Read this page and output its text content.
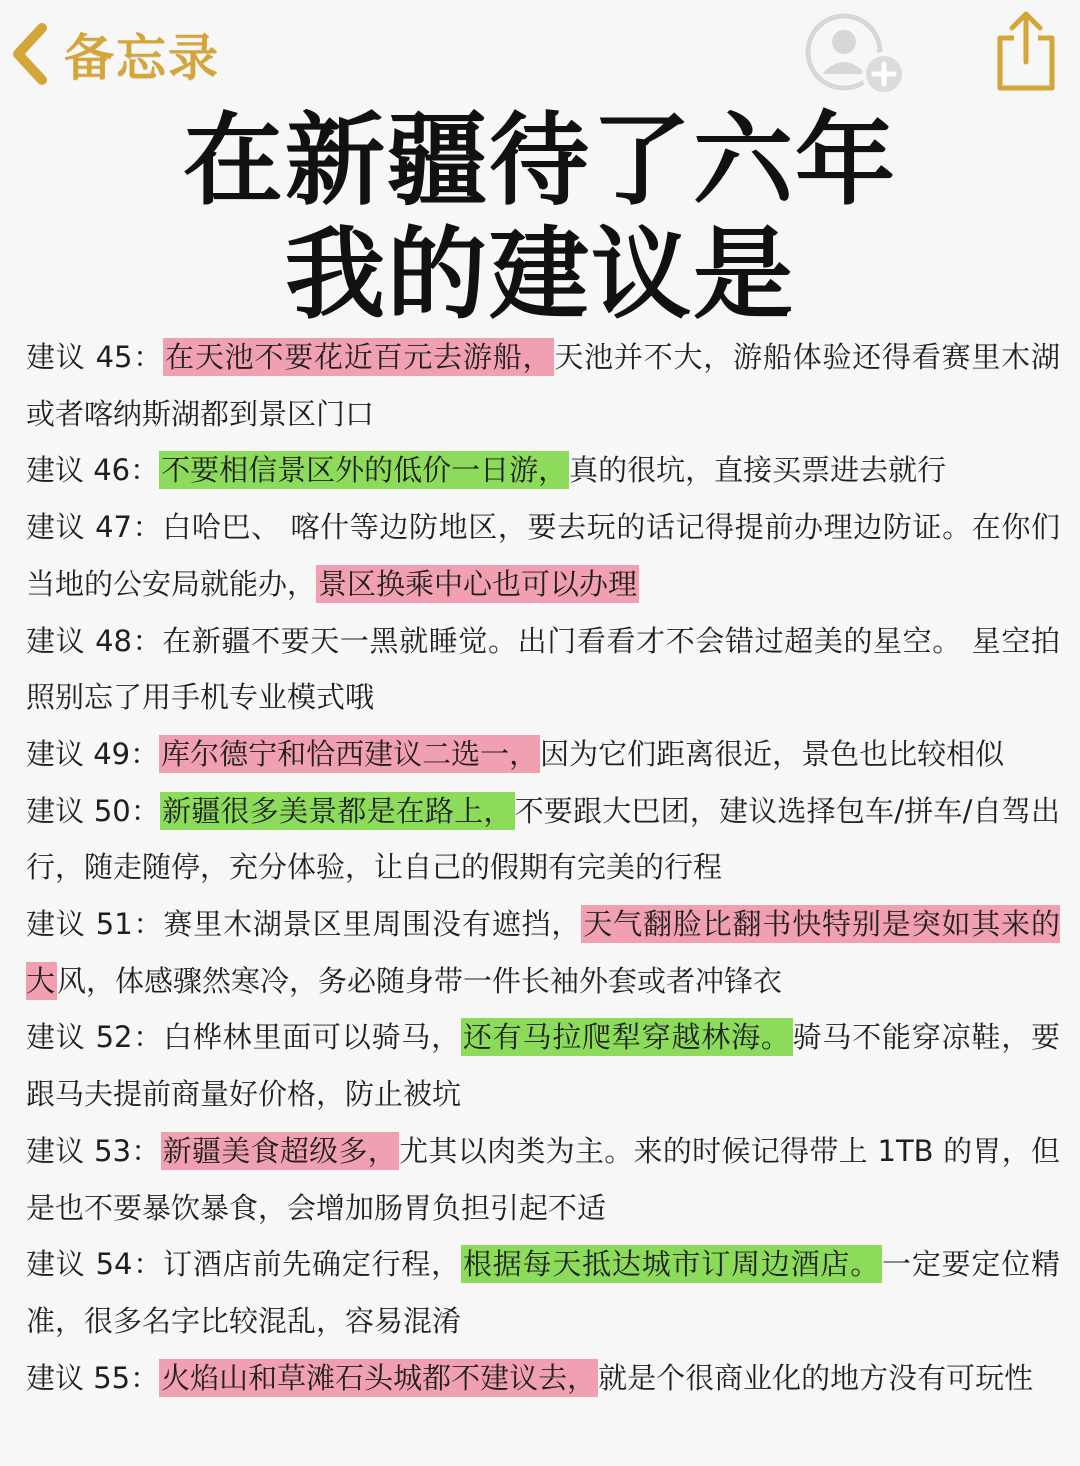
备忘录
在新疆待了六年
我的建议是

建议 45：在天池不要花近百元去游船，天池并不大，游船体验还得看赛里木湖或者喀纳斯湖都到景区门口

建议 46：不要相信景区外的低价一日游，真的很坑，直接买票进去就行

建议 47：白哈巴、 喀什等边防地区，要去玩的话记得提前办理边防证。在你们当地的公安局就能办，景区换乘中心也可以办理

建议 48：在新疆不要天一黑就睡觉。出门看看才不会错过超美的星空。 星空拍照别忘了用手机专业模式哦

建议 49：库尔德宁和恰西建议二选一，因为它们距离很近，景色也比较相似

建议 50：新疆很多美景都是在路上，不要跟大巴团，建议选择包车/拼车/自驾出行，随走随停，充分体验，让自己的假期有完美的行程

建议 51：赛里木湖景区里周围没有遮挡，天气翻脸比翻书快特别是突如其来的大风，体感骤然寒冷，务必随身带一件长袖外套或者冲锋衣

建议 52：白桦林里面可以骑马，还有马拉爬犁穿越林海。骑马不能穿凉鞋，要跟马夫提前商量好价格，防止被坑

建议 53：新疆美食超级多，尤其以肉类为主。来的时候记得带上 1TB 的胃，但是也不要暴饮暴食，会增加肠胃负担引起不适

建议 54：订酒店前先确定行程，根据每天抵达城市订周边酒店。一定要定位精准，很多名字比较混乱，容易混淆

建议 55：火焰山和草滩石头城都不建议去，就是个很商业化的地方没有可玩性
